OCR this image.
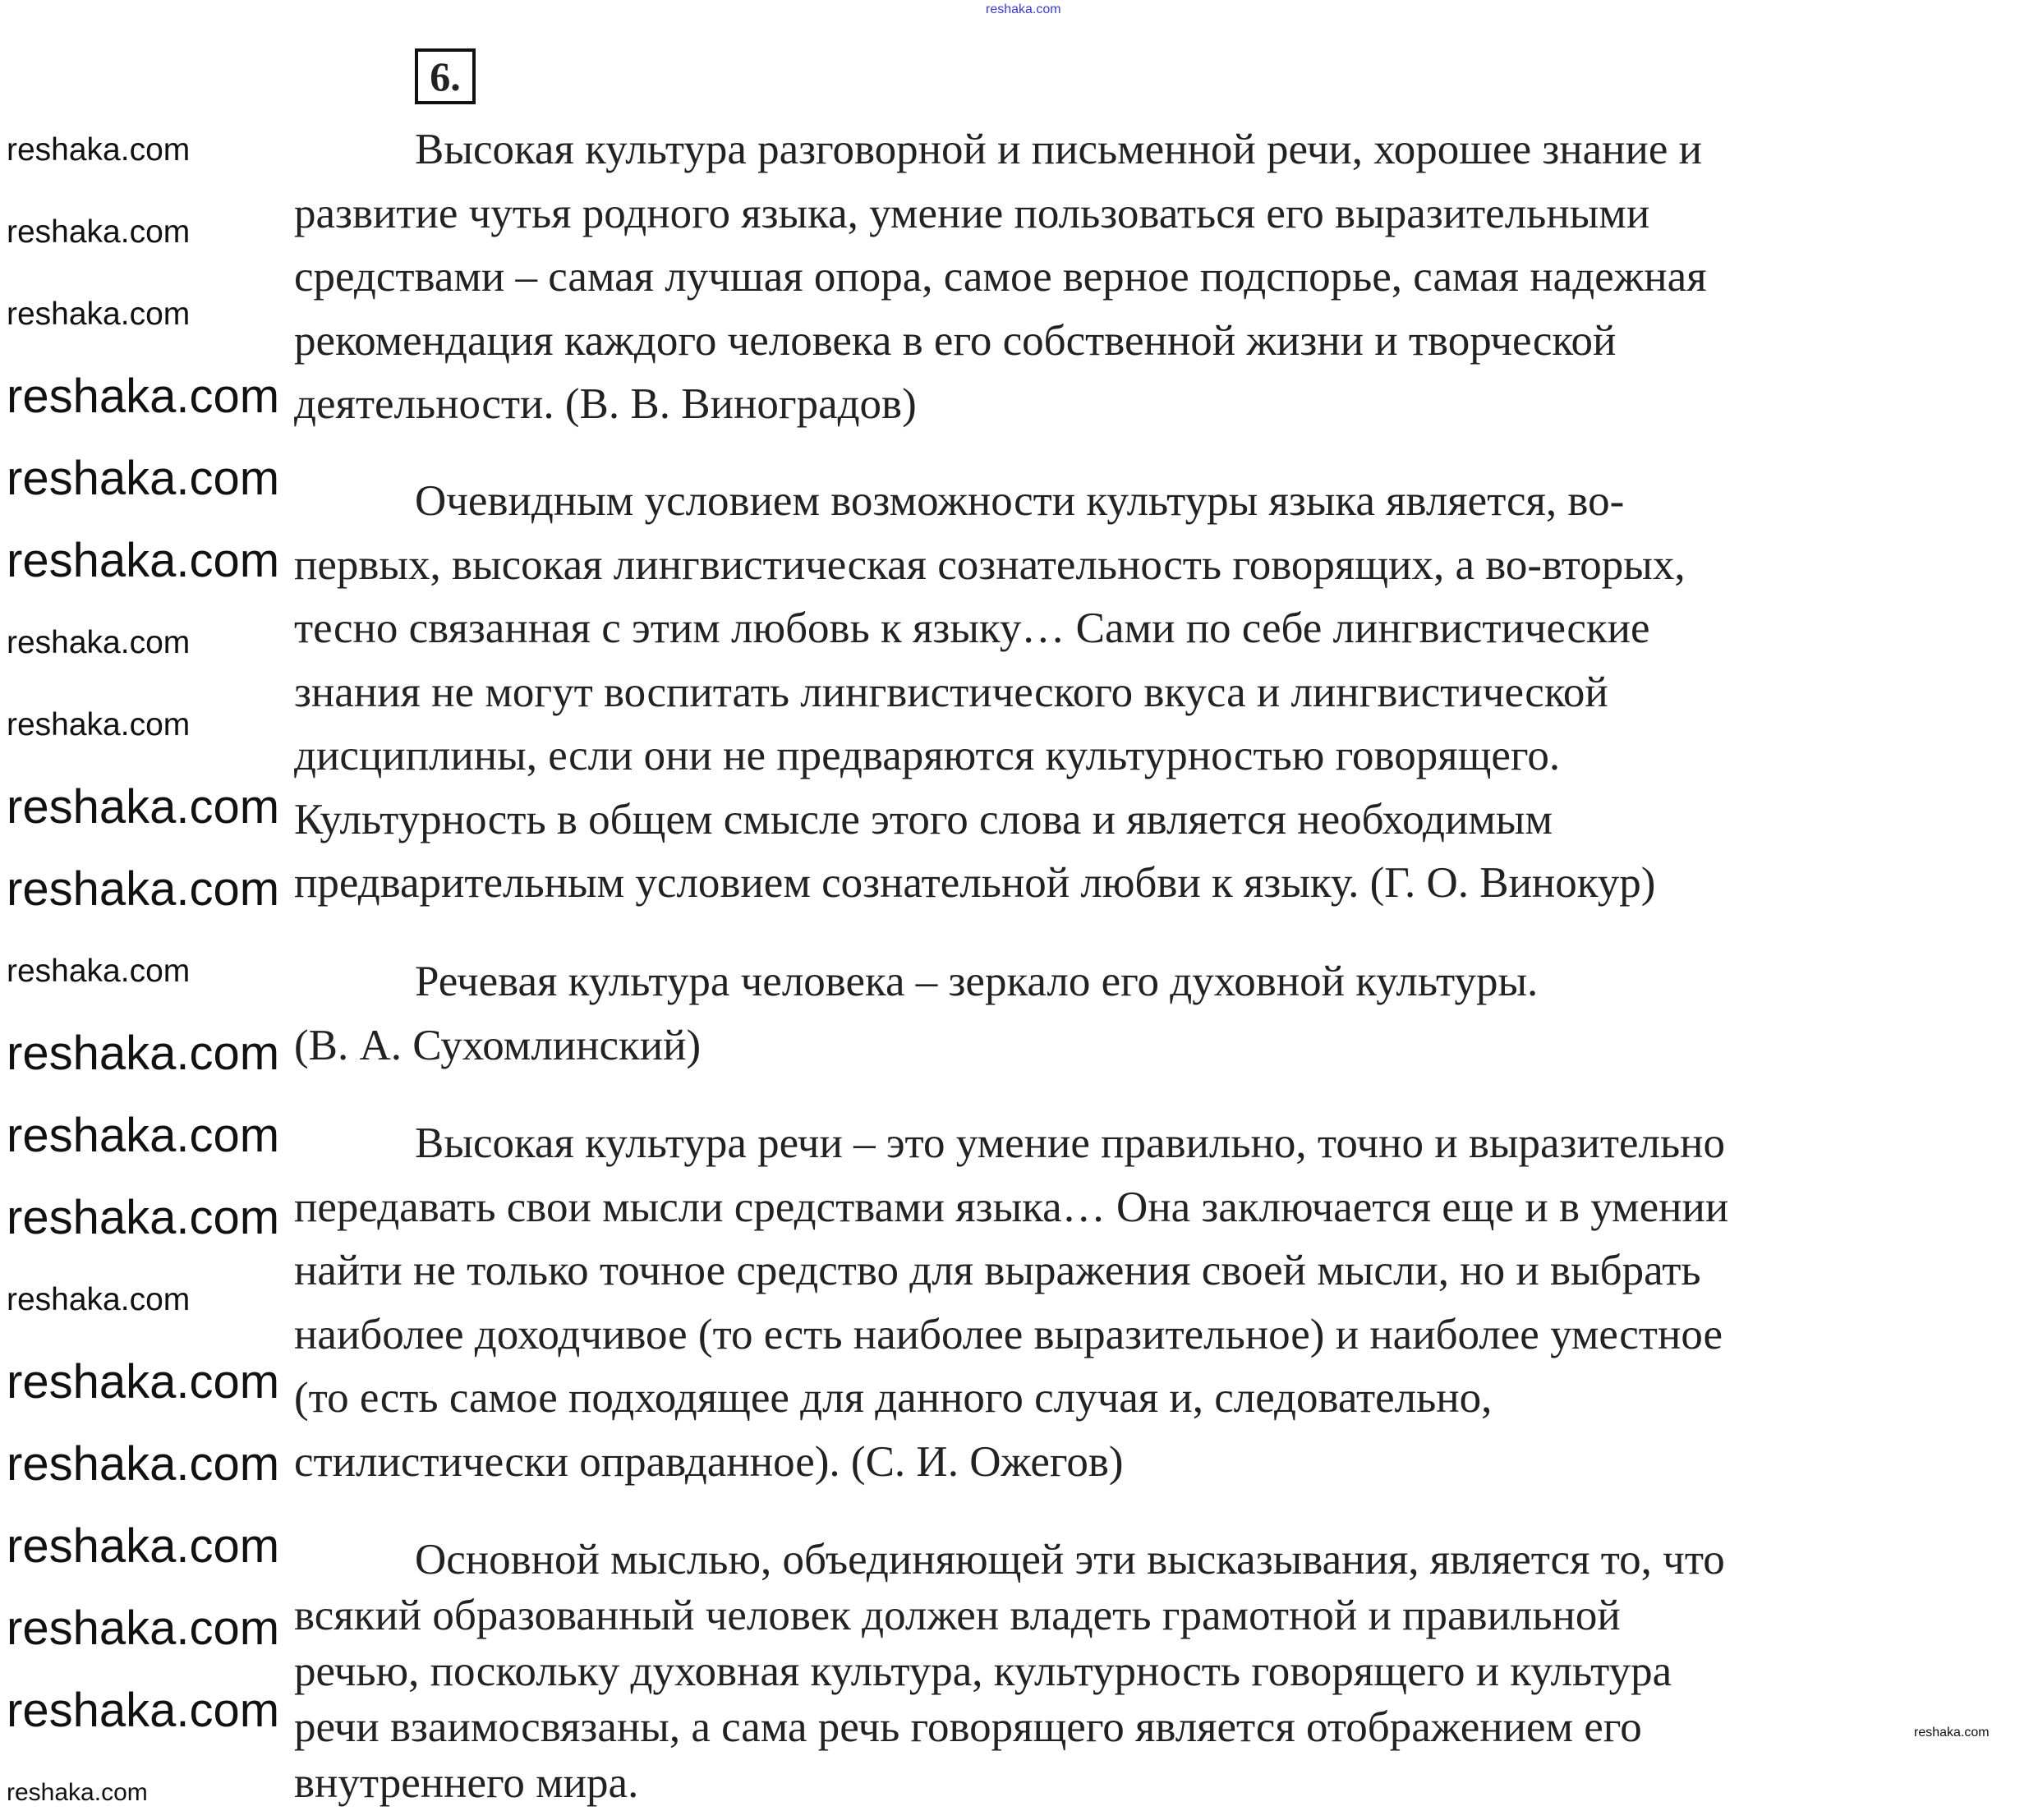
6.
Высокая культура разговорной и письменной речи, хорошее знание и
развитие чутья родного языка, умение пользоваться его выразительными
средствами – самая лучшая опора, самое верное подспорье, самая надежная
рекомендация каждого человека в его собственной жизни и творческой
деятельности. (В. В. Виноградов)
Очевидным условием возможности культуры языка является, во-
первых, высокая лингвистическая сознательность говорящих, а во-вторых,
тесно связанная с этим любовь к языку… Сами по себе лингвистические
знания не могут воспитать лингвистического вкуса и лингвистической
дисциплины, если они не предваряются культурностью говорящего.
Культурность в общем смысле этого слова и является необходимым
предварительным условием сознательной любви к языку. (Г. О. Винокур)
Речевая культура человека – зеркало его духовной культуры.
(В. А. Сухомлинский)
Высокая культура речи – это умение правильно, точно и выразительно
передавать свои мысли средствами языка… Она заключается еще и в умении
найти не только точное средство для выражения своей мысли, но и выбрать
наиболее доходчивое (то есть наиболее выразительное) и наиболее уместное
(то есть самое подходящее для данного случая и, следовательно,
стилистически оправданное). (С. И. Ожегов)
Основной мыслью, объединяющей эти высказывания, является то, что
всякий образованный человек должен владеть грамотной и правильной
речью, поскольку духовная культура, культурность говорящего и культура
речи взаимосвязаны, а сама речь говорящего является отображением его
внутреннего мира.
reshaka.com
reshaka.com
reshaka.com
reshaka.com
reshaka.com
reshaka.com
reshaka.com
reshaka.com
reshaka.com
reshaka.com
reshaka.com
reshaka.com
reshaka.com
reshaka.com
reshaka.com
reshaka.com
reshaka.com
reshaka.com
reshaka.com
reshaka.com
reshaka.com
reshaka.com
reshaka.com
